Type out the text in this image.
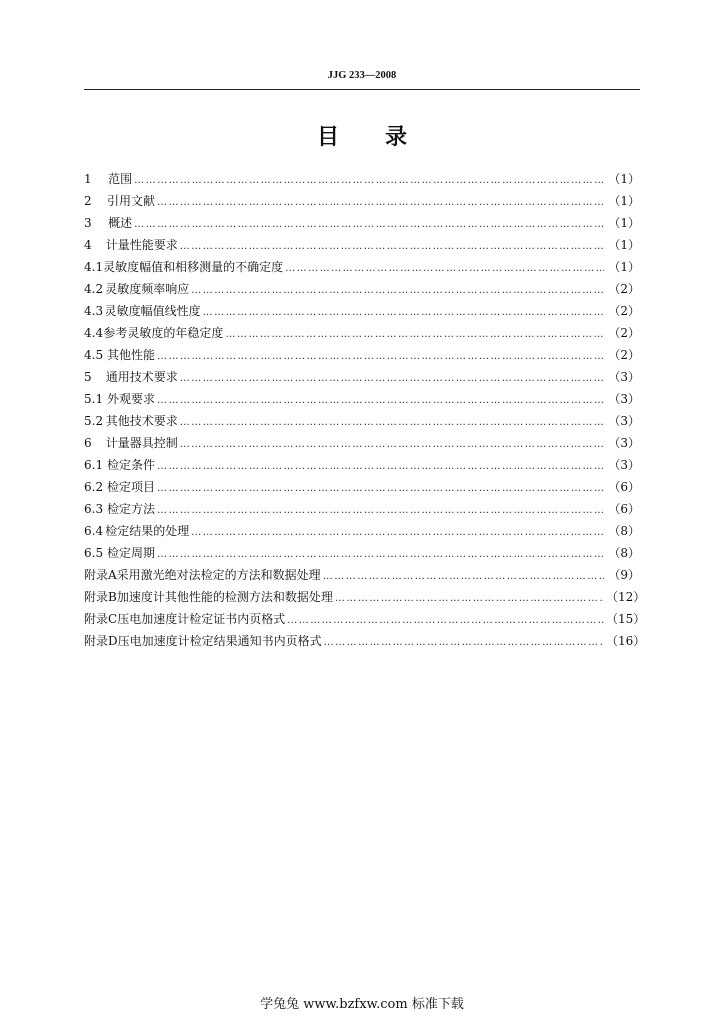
JJG 233—2008
目录
1	范围 …………………………………………………………………………………………………………………………………………………………………	（1）
2	引用文献 …………………………………………………………………………………………………………………………………………………………………	（1）
3	概述 …………………………………………………………………………………………………………………………………………………………………	（1）
4	计量性能要求 …………………………………………………………………………………………………………………………………………………………………	（1）
4.1 灵敏度幅值和相移测量的不确定度 …………………………………………………………………………………………………………………………………………………………………	（1）
4.2 灵敏度频率响应 …………………………………………………………………………………………………………………………………………………………………	（2）
4.3 灵敏度幅值线性度 …………………………………………………………………………………………………………………………………………………………………	（2）
4.4 参考灵敏度的年稳定度 …………………………………………………………………………………………………………………………………………………………………	（2）
4.5 其他性能 …………………………………………………………………………………………………………………………………………………………………	（2）
5	通用技术要求 …………………………………………………………………………………………………………………………………………………………………	（3）
5.1 外观要求 …………………………………………………………………………………………………………………………………………………………………	（3）
5.2 其他技术要求 …………………………………………………………………………………………………………………………………………………………………	（3）
6	计量器具控制 …………………………………………………………………………………………………………………………………………………………………	（3）
6.1 检定条件 …………………………………………………………………………………………………………………………………………………………………	（3）
6.2 检定项目 …………………………………………………………………………………………………………………………………………………………………	（6）
6.3 检定方法 …………………………………………………………………………………………………………………………………………………………………	（6）
6.4 检定结果的处理 …………………………………………………………………………………………………………………………………………………………………	（8）
6.5 检定周期 …………………………………………………………………………………………………………………………………………………………………	（8）
附录A 采用激光绝对法检定的方法和数据处理 …………………………………………………………………………………………………………………………………………………………………	（9）
附录B 加速度计其他性能的检测方法和数据处理 …………………………………………………………………………………………………………………………………………………………………	（12）
附录C 压电加速度计检定证书内页格式 …………………………………………………………………………………………………………………………………………………………………	（15）
附录D 压电加速度计检定结果通知书内页格式 …………………………………………………………………………………………………………………………………………………………………	（16）
学兔兔 www.bzfxw.com 标准下载
